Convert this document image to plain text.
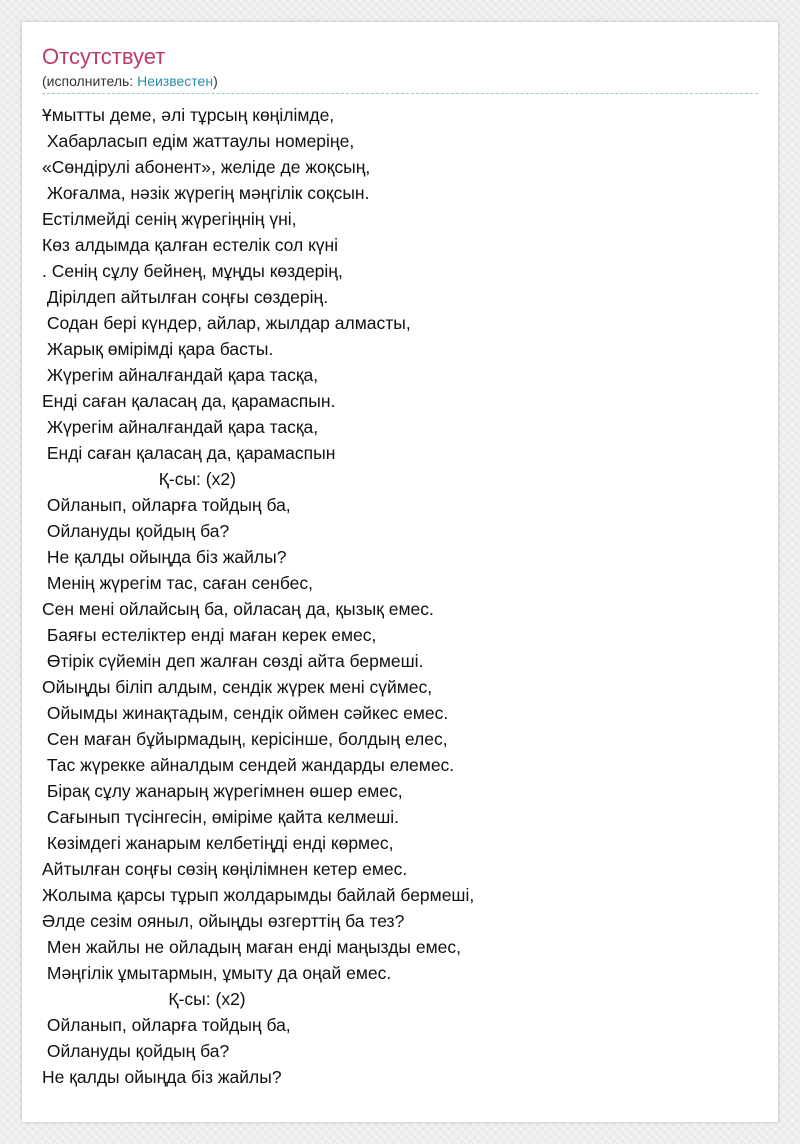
Отсутствует
(исполнитель: Неизвестен)
Ұмытты деме, әлі тұрсың көңілімде,
Хабарласып едім жаттаулы номеріңе,
«Сөндірулі абонент», желіде де жоқсың,
Жоғалма, нәзік жүрегің мәңгілік соқсын.
Естілмейді сенің жүрегіңнің үні,
Көз алдымда қалған естелік сол күні
. Сенің сұлу бейнең, мұңды көздерің,
Дірілдеп айтылған соңғы сөздерің.
Содан бері күндер, айлар, жылдар алмасты,
Жарық өмірімді қара басты.
Жүрегім айналғандай қара тасқа,
Енді саған қаласаң да, қарамаспын.
Жүрегім айналғандай қара тасқа,
Енді саған қаласаң да, қарамаспын
Қ-сы: (x2)
Ойланып, ойларға тойдың ба,
Ойлануды қойдың ба?
Не қалды ойыңда біз жайлы?
Менің жүрегім тас, саған сенбес,
Сен мені ойлайсың ба, ойласаң да, қызық емес.
Баяғы естеліктер енді маған керек емес,
Өтірік сүйемін деп жалған сөзді айта бермеші.
Ойыңды біліп алдым, сендік жүрек мені сүймес,
Ойымды жинақтадым, сендік оймен сәйкес емес.
Сен маған бұйырмадың, керісінше, болдың елес,
Тас жүрекке айналдым сендей жандарды елемес.
Бірақ сұлу жанарың жүрегімнен өшер емес,
Сағынып түсінгесін, өміріме қайта келмеші.
Көзімдегі жанарым келбетіңді енді көрмес,
Айтылған соңғы сөзің көңілімнен кетер емес.
Жолыма қарсы тұрып жолдарымды байлай бермеші,
Әлде сезім ояныл, ойыңды өзгерттің ба тез?
Мен жайлы не ойладың маған енді маңызды емес,
Мәңгілік ұмытармын, ұмыту да оңай емес.
Қ-сы: (x2)
Ойланып, ойларға тойдың ба,
Ойлануды қойдың ба?
Не қалды ойыңда біз жайлы?
